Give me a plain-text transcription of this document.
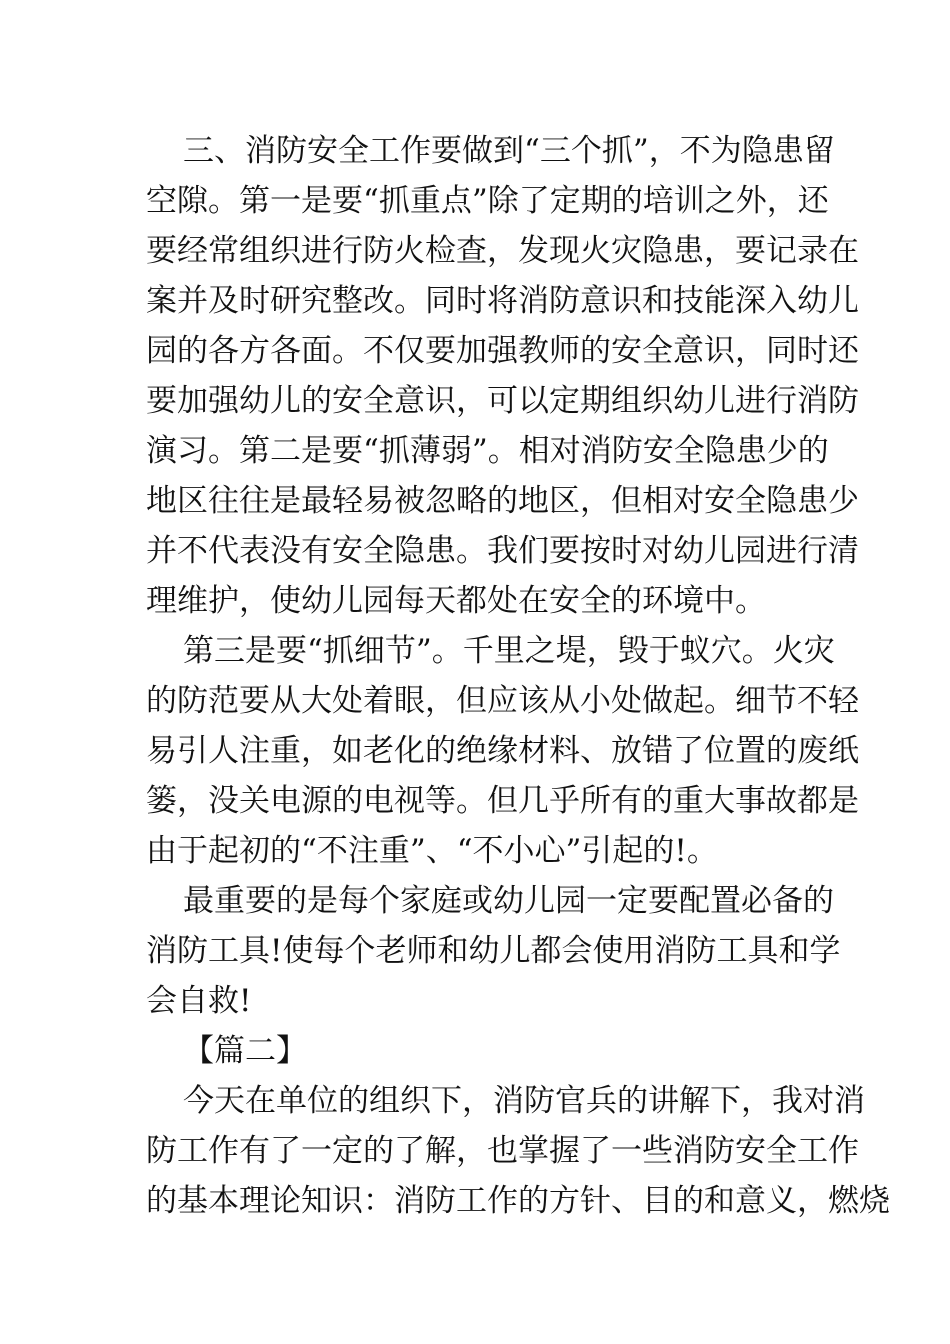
三、消防安全工作要做到“三个抓”，不为隐患留
空隙。第一是要“抓重点”除了定期的培训之外，还
要经常组织进行防火检查，发现火灾隐患，要记录在
案并及时研究整改。同时将消防意识和技能深入幼儿
园的各方各面。不仅要加强教师的安全意识，同时还
要加强幼儿的安全意识，可以定期组织幼儿进行消防
演习。第二是要“抓薄弱”。相对消防安全隐患少的
地区往往是最轻易被忽略的地区，但相对安全隐患少
并不代表没有安全隐患。我们要按时对幼儿园进行清
理维护，使幼儿园每天都处在安全的环境中。
第三是要“抓细节”。千里之堤，毁于蚁穴。火灾
的防范要从大处着眼，但应该从小处做起。细节不轻
易引人注重，如老化的绝缘材料、放错了位置的废纸
篓，没关电源的电视等。但几乎所有的重大事故都是
由于起初的“不注重”、“不小心”引起的!。
最重要的是每个家庭或幼儿园一定要配置必备的
消防工具!使每个老师和幼儿都会使用消防工具和学
会自救!
【篇二】
今天在单位的组织下，消防官兵的讲解下，我对消
防工作有了一定的了解，也掌握了一些消防安全工作
的基本理论知识：消防工作的方针、目的和意义，燃烧
